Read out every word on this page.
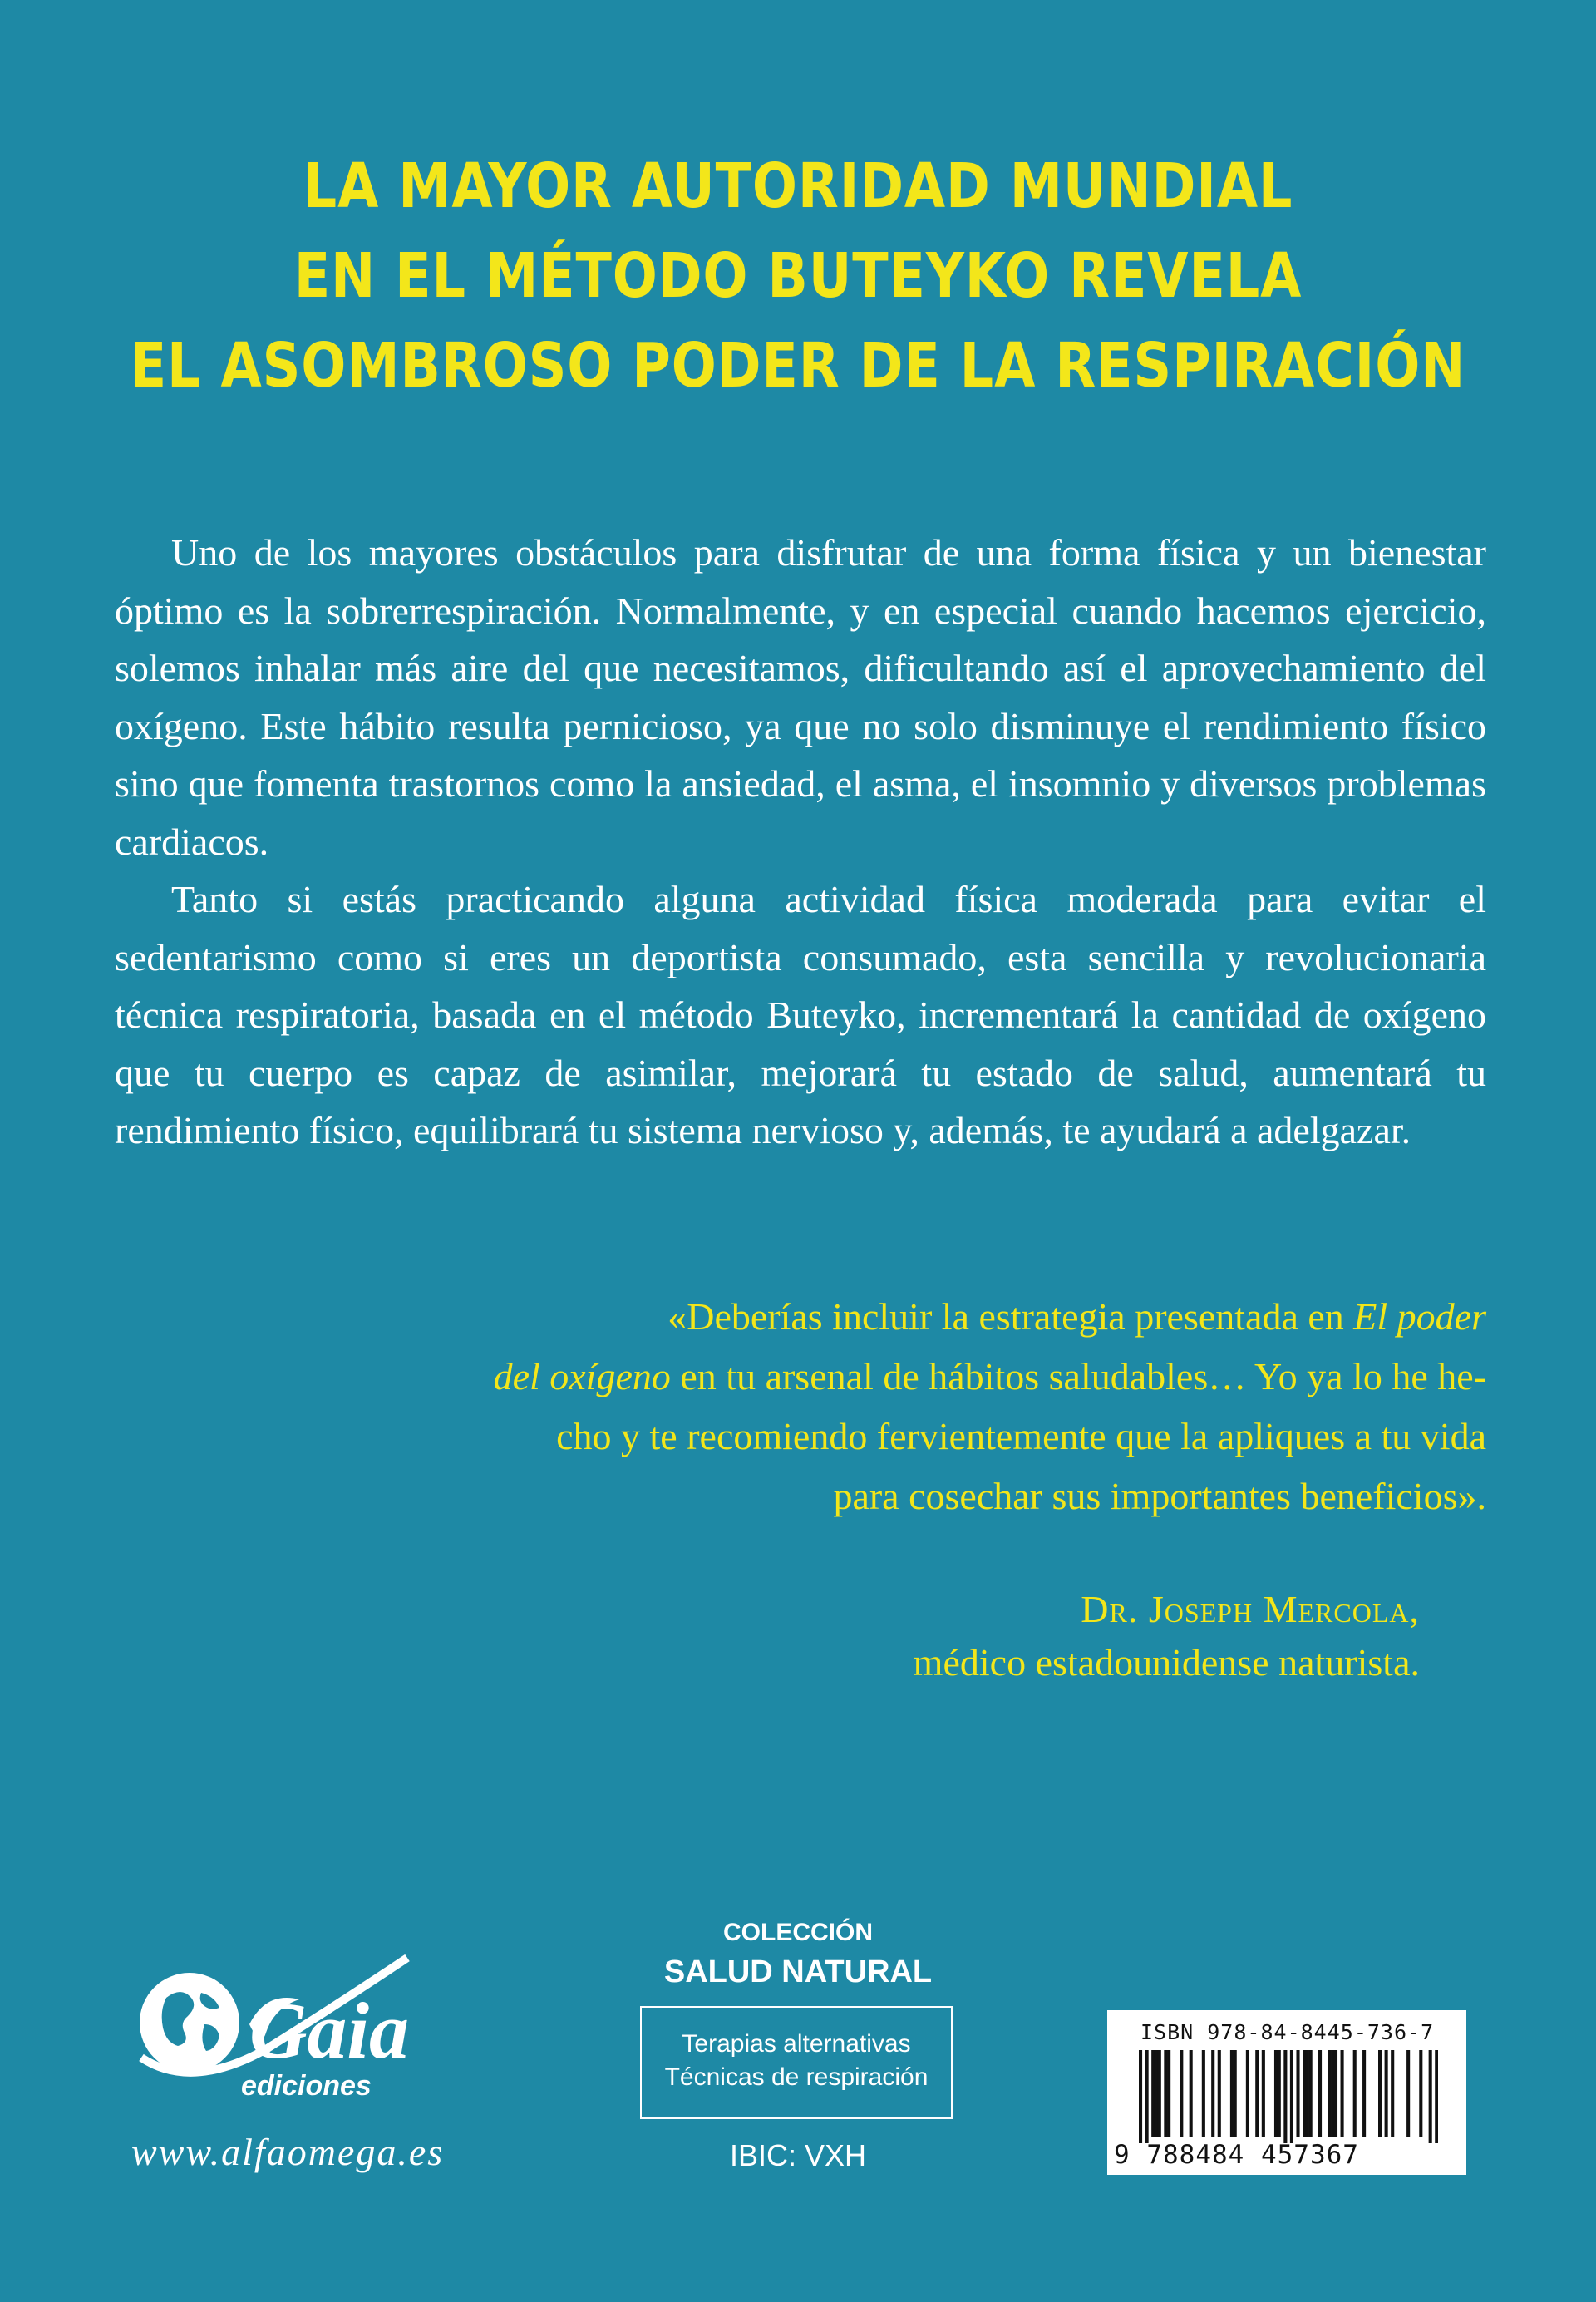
LA MAYOR AUTORIDAD MUNDIAL
EN EL MÉTODO BUTEYKO REVELA
EL ASOMBROSO PODER DE LA RESPIRACIÓN

Uno de los mayores obstáculos para disfrutar de una forma física y un bienestar óptimo es la sobrerrespiración. Normalmente, y en especial cuando hacemos ejercicio, solemos inhalar más aire del que necesitamos, dificultando así el aprovechamiento del oxígeno. Este hábito resulta pernicioso, ya que no solo disminuye el rendimiento físico sino que fomenta trastornos como la ansiedad, el asma, el insomnio y diversos problemas cardiacos.

Tanto si estás practicando alguna actividad física moderada para evitar el sedentarismo como si eres un deportista consumado, esta sencilla y revolucionaria técnica respiratoria, basada en el método Buteyko, incrementará la cantidad de oxígeno que tu cuerpo es capaz de asimilar, mejorará tu estado de salud, aumentará tu rendimiento físico, equilibrará tu sistema nervioso y, además, te ayudará a adelgazar.

«Deberías incluir la estrategia presentada en El poder
del oxígeno en tu arsenal de hábitos saludables… Yo ya lo he he-
cho y te recomiendo fervientemente que la apliques a tu vida
para cosechar sus importantes beneficios».
Dr. Joseph Mercola,
médico estadounidense naturista.
Gaia
ediciones
www.alfaomega.es
COLECCIÓN
SALUD NATURAL
Terapias alternativas
Técnicas de respiración
IBIC: VXH
ISBN 978-84-8445-736-7
9 788484 457367
